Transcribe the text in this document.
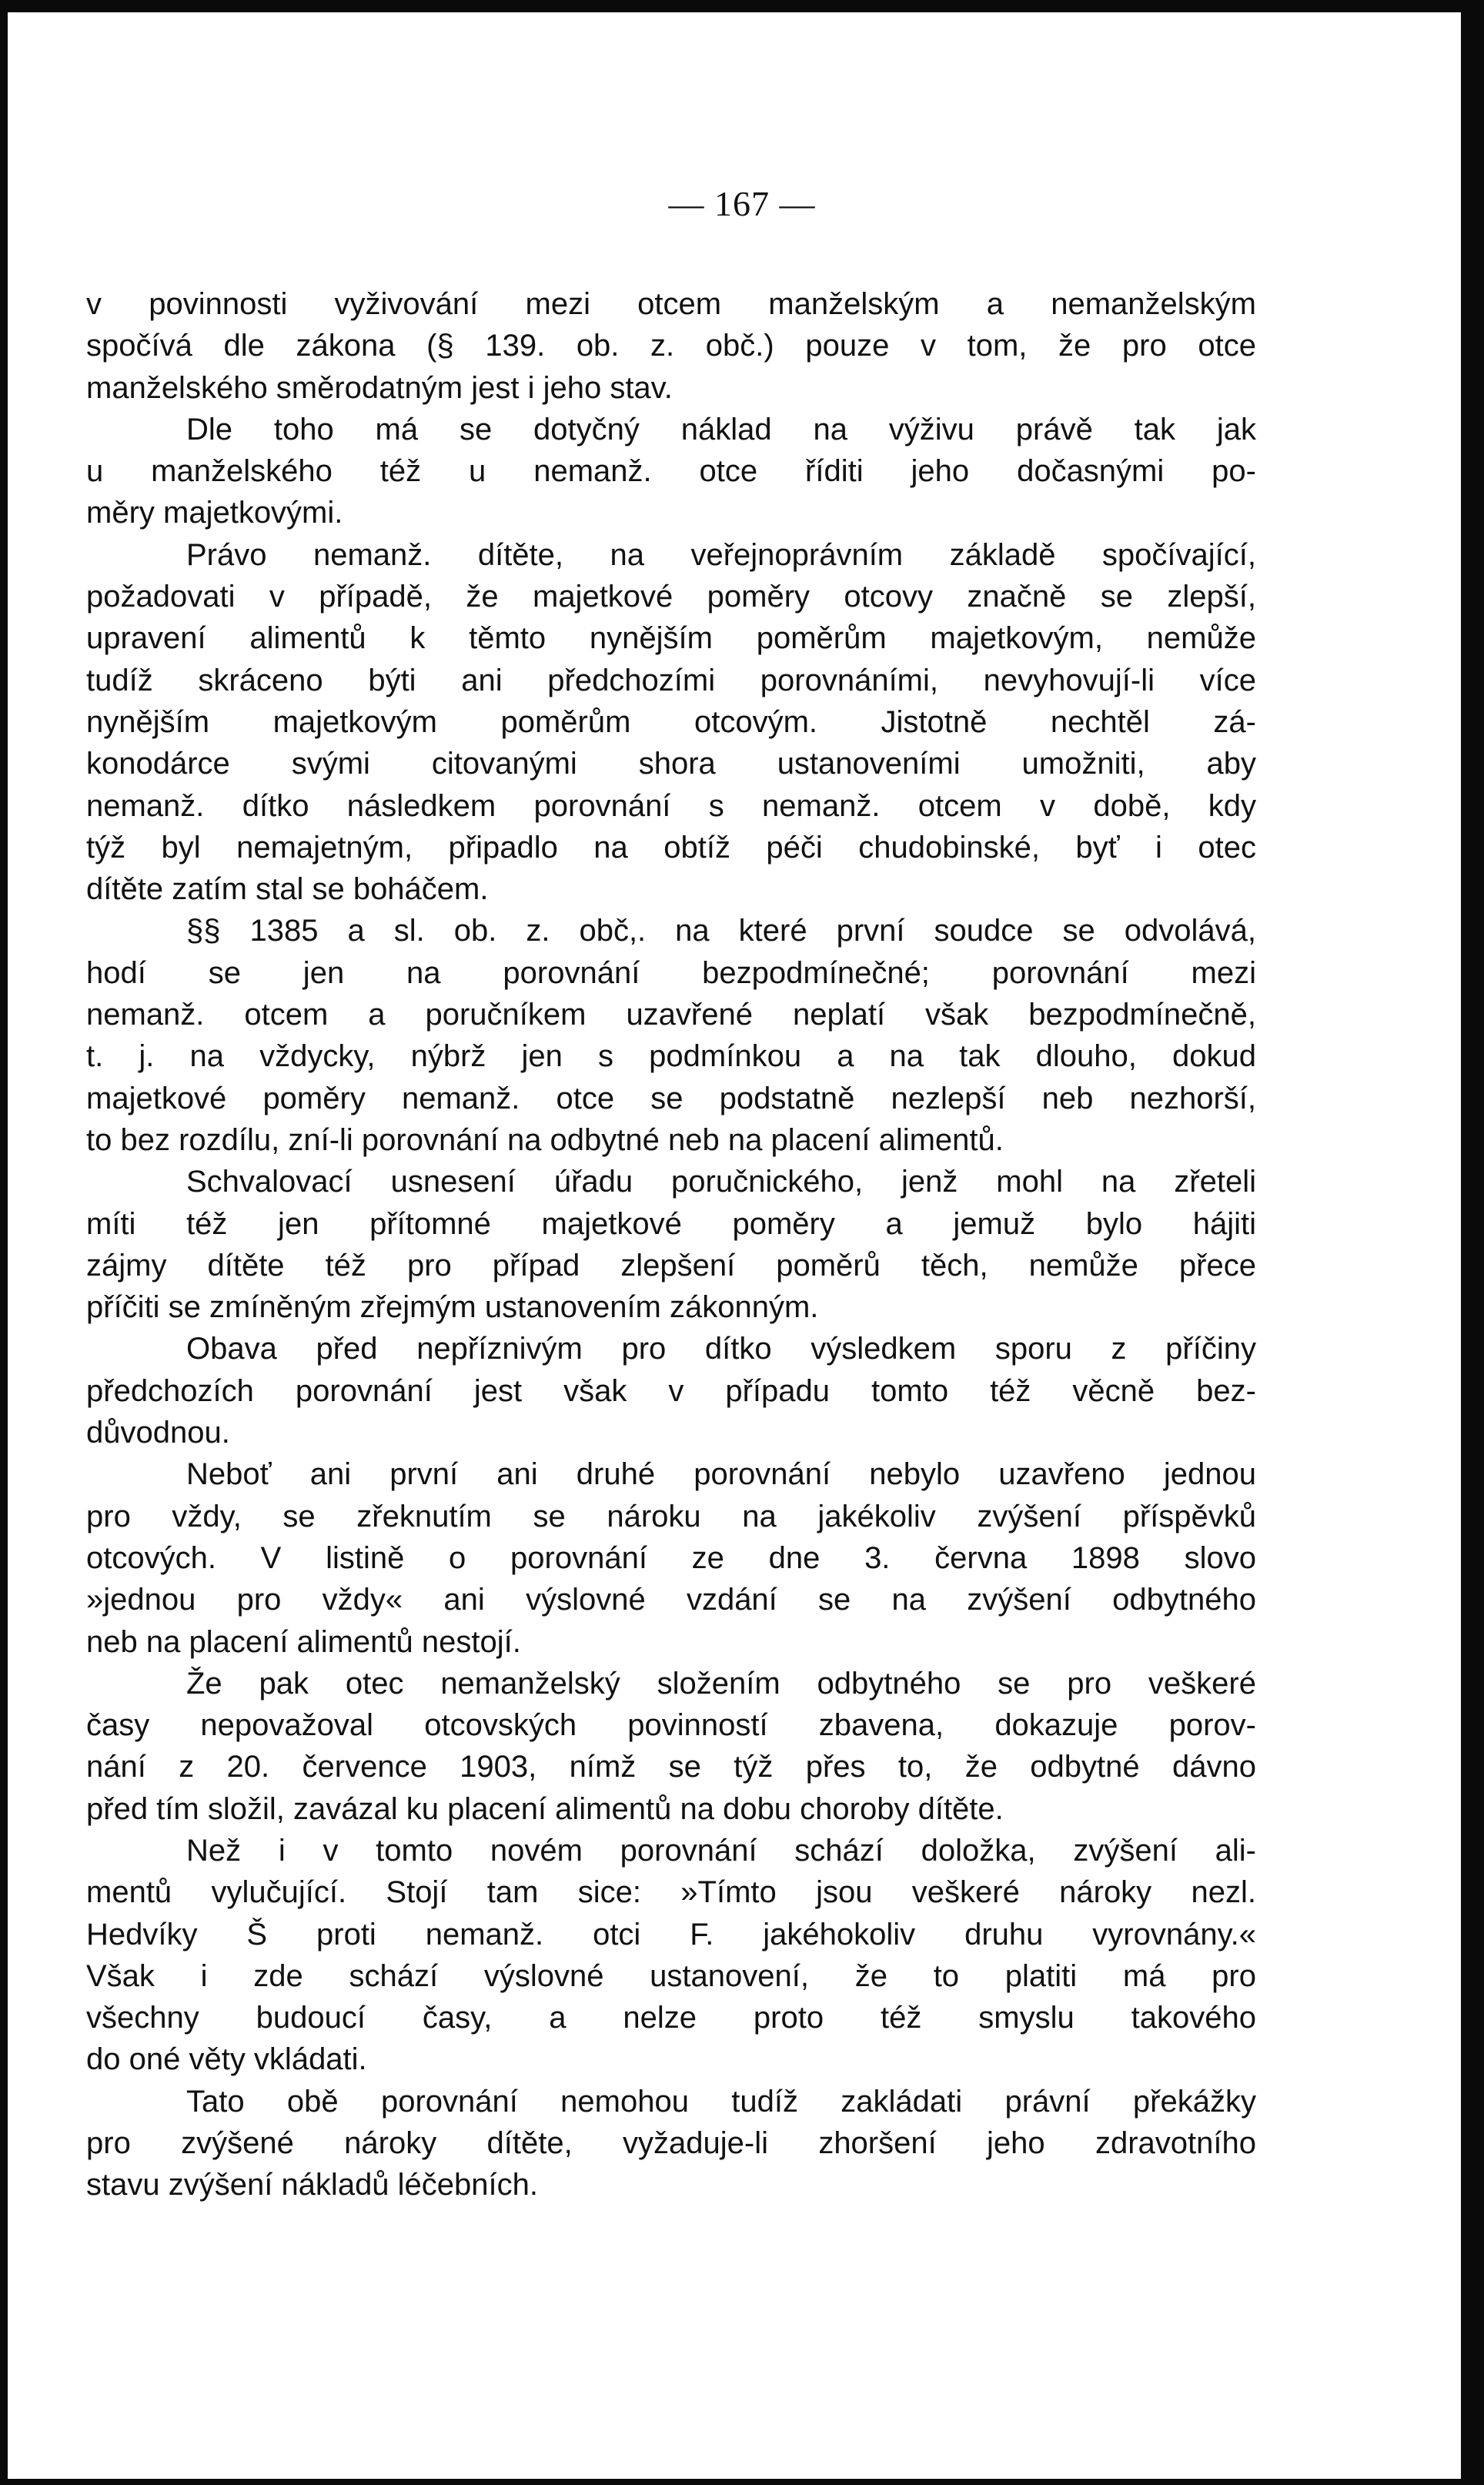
— 167 —
v povinnosti vyživování mezi otcem manželským a nemanželským
spočívá dle zákona (§ 139. ob. z. obč.) pouze v tom, že pro otce
manželského směrodatným jest i jeho stav.
Dle toho má se dotyčný náklad na výživu právě tak jak
u manželského též u nemanž. otce říditi jeho dočasnými po-
měry majetkovými.
Právo nemanž. dítěte, na veřejnoprávním základě spočívající,
požadovati v případě, že majetkové poměry otcovy značně se zlepší,
upravení alimentů k těmto nynějším poměrům majetkovým, nemůže
tudíž skráceno býti ani předchozími porovnáními, nevyhovují-li více
nynějším majetkovým poměrům otcovým. Jistotně nechtěl zá-
konodárce svými citovanými shora ustanoveními umožniti, aby
nemanž. dítko následkem porovnání s nemanž. otcem v době, kdy
týž byl nemajetným, připadlo na obtíž péči chudobinské, byť i otec
dítěte zatím stal se boháčem.
§§ 1385 a sl. ob. z. obč,. na které první soudce se odvolává,
hodí se jen na porovnání bezpodmínečné; porovnání mezi
nemanž. otcem a poručníkem uzavřené neplatí však bezpodmínečně,
t. j. na vždycky, nýbrž jen s podmínkou a na tak dlouho, dokud
majetkové poměry nemanž. otce se podstatně nezlepší neb nezhorší,
to bez rozdílu, zní-li porovnání na odbytné neb na placení alimentů.
Schvalovací usnesení úřadu poručnického, jenž mohl na zřeteli
míti též jen přítomné majetkové poměry a jemuž bylo hájiti
zájmy dítěte též pro případ zlepšení poměrů těch, nemůže přece
příčiti se zmíněným zřejmým ustanovením zákonným.
Obava před nepříznivým pro dítko výsledkem sporu z příčiny
předchozích porovnání jest však v případu tomto též věcně bez-
důvodnou.
Neboť ani první ani druhé porovnání nebylo uzavřeno jednou
pro vždy, se zřeknutím se nároku na jakékoliv zvýšení příspěvků
otcových. V listině o porovnání ze dne 3. června 1898 slovo
»jednou pro vždy« ani výslovné vzdání se na zvýšení odbytného
neb na placení alimentů nestojí.
Že pak otec nemanželský složením odbytného se pro veškeré
časy nepovažoval otcovských povinností zbavena, dokazuje porov-
nání z 20. července 1903, nímž se týž přes to, že odbytné dávno
před tím složil, zavázal ku placení alimentů na dobu choroby dítěte.
Než i v tomto novém porovnání schází doložka, zvýšení ali-
mentů vylučující. Stojí tam sice: »Tímto jsou veškeré nároky nezl.
Hedvíky Š proti nemanž. otci F. jakéhokoliv druhu vyrovnány.«
Však i zde schází výslovné ustanovení, že to platiti má pro
všechny budoucí časy, a nelze proto též smyslu takového
do oné věty vkládati.
Tato obě porovnání nemohou tudíž zakládati právní překážky
pro zvýšené nároky dítěte, vyžaduje-li zhoršení jeho zdravotního
stavu zvýšení nákladů léčebních.
